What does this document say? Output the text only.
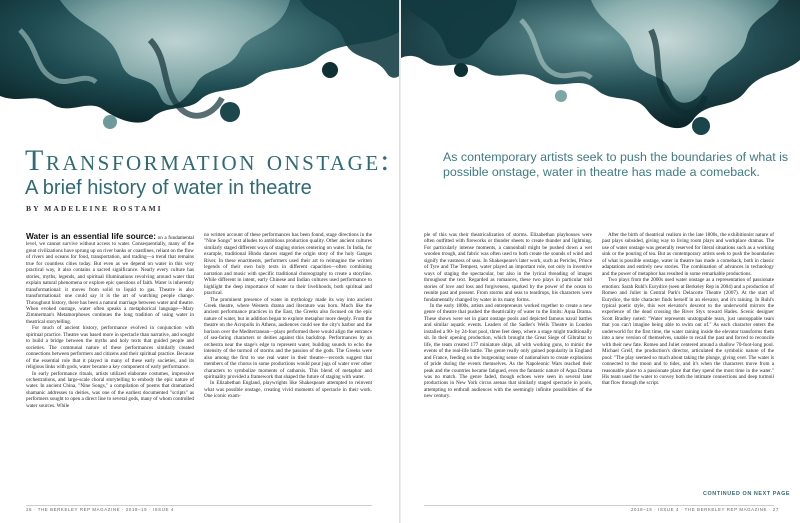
Transformation onstage:
A brief history of water in theatre
BY MADELEINE ROSTAMI

Water is an essential life source: on a fundamental level, we cannot survive without access to water. Consequentially, many of the great civilizations have sprung up on river banks or coastlines, reliant on the flow of rivers and oceans for food, transportation, and trading—a trend that remains true for countless cities today. But even as we depend on water in this very practical way, it also contains a sacred significance. Nearly every culture has stories, myths, legends, and spiritual illuminations revolving around water that explain natural phenomena or explore epic questions of faith. Water is inherently transformational: it moves from solid to liquid to gas. Theatre is also transformational: one could say it is the art of watching people change. Throughout history, there has been a natural marriage between water and theatre. When evoked onstage, water often speaks a metaphorical language—Mary Zimmerman's Metamorphoses continues the long tradition of using water in theatrical storytelling.

For much of ancient history, performance evolved in conjunction with spiritual practice. Theatre was based more in spectacle than narrative, and sought to build a bridge between the myths and holy texts that guided people and societies. The communal nature of these performances similarly created connections between performers and citizens and their spiritual practice. Because of the essential role that it played in many of these early societies, and its religious links with gods, water became a key component of early performance.

In early performance rituals, artists utilized elaborate costumes, impressive orchestrations, and large-scale choral storytelling to embody the epic nature of water. In ancient China, "Nine Songs," a compilation of poems that dramatized shamanic addresses to deities, was one of the earliest documented "scripts" as performers sought to open a direct line to several gods, many of whom controlled water sources. While

no written account of these performances has been found, stage directions in the "Nine Songs" text alludes to ambitious production quality. Other ancient cultures similarly staged different ways of staging stories centering on water. In India, for example, traditional Hindu dances staged the origin story of the holy Ganges River. In these enactments, performers used their art to reimagine the written legends of their own holy texts in different capacities—often combining narration and music with specific traditional choreography to create a storyline. While different in intent, early Chinese and Indian cultures used performance to highlight the deep importance of water to their livelihoods, both spiritual and practical.

The prominent presence of water in mythology made its way into ancient Greek theatre, where Western drama and literature was born. Much like the ancient performance practices in the East, the Greeks also focused on the epic nature of water, but in addition began to explore metaphor more deeply. From the theatre on the Acropolis in Athens, audiences could see the city's harbor and the horizon over the Mediterranean—plays performed there would align the entrance of sea-faring characters or deities against this backdrop. Performances by an orchestra near the stage's edge to represent water, building sounds to echo the intensity of the turmoil of storms and the passion of the gods. The Greeks were also among the first to use real water in their theatre—records suggest that members of the chorus in some productions would pour jugs of water over other characters to symbolize moments of catharsis. This blend of metaphor and spirituality provided a framework that shaped the future of staging with water.

In Elizabethan England, playwrights like Shakespeare attempted to reinvent what was possible onstage, creating vivid moments of spectacle in their work. One iconic exam-

26 · THE BERKELEY REP MAGAZINE · 2018–19 · ISSUE 4
As contemporary artists seek to push the boundaries of what is possible onstage, water in theatre has made a comeback.

ple of this was their theatricalization of storms. Elizabethan playhouses were often outfitted with fireworks or thunder sheets to create thunder and lightning. For particularly intense moments, a cannonball might be pushed down a wet wooden trough, and fabric was often used to both create the sounds of wind and signify the vastness of seas. In Shakespeare's later work, such as Pericles, Prince of Tyre and The Tempest, water played an important role, not only in inventive ways of staging the spectacular, but also in the lyrical threading of images throughout the text. Regarded as romances, these two plays in particular told stories of love and loss and forgiveness, sparked by the power of the ocean to reunite past and present. From storms and seas to teardrops, his characters were fundamentally changed by water in its many forms.

In the early 1800s, artists and entrepreneurs worked together to create a new genre of theatre that pushed the theatricality of water to the limits: Aqua Drama. These shows were set in giant onstage pools and depicted famous naval battles and similar aquatic events. Leaders of the Sadler's Wells Theatre in London installed a 90- by 24-foot pool, three feet deep, where a stage might traditionally sit. In their opening production, which brought the Great Siege of Gibraltar to life, the team created 177 miniature ships, all with working guns, to mimic the events of the real-life battle. The genre really only gained popularity in England and France, feeding on the burgeoning sense of nationalism to create explosions of pride during the events themselves. As the Napoleonic Wars reached their peak and the countries became fatigued, even the fantastic nature of Aqua Drama was no match. The genre faded, though echoes were seen in several later productions in New York circus arenas that similarly staged spectacle in pools, attempting to enthrall audiences with the seemingly infinite possibilities of the new century.

After the birth of theatrical realism in the late 1800s, the exhibitionist nature of past plays subsided, giving way to living room plays and workplace dramas. The use of water onstage was generally reserved for literal situations such as a working sink or the pouring of tea. But as contemporary artists seek to push the boundaries of what is possible onstage, water in theatre has made a comeback, both in classic adaptations and entirely new stories. The combination of advances in technology and the power of metaphor has resulted in some remarkable productions.

Two plays from the 2000s used water onstage as a representation of passionate emotion: Sarah Ruhl's Eurydice (seen at Berkeley Rep in 2004) and a production of Romeo and Juliet in Central Park's Delacorte Theatre (2007). At the start of Eurydice, the title character finds herself in an elevator, and it's raining. In Ruhl's typical poetic style, this wet elevator's descent to the underworld mirrors the experience of the dead crossing the River Styx toward Hades. Scenic designer Scott Bradley noted: "Water represents unstoppable tears, just unstoppable tears that you can't imagine being able to swim out of." As each character enters the underworld for the first time, the water raining inside the elevator transforms them into a new version of themselves, unable to recall the past and forced to reconcile with their new fate. Romeo and Juliet centered around a shallow 70-foot-long pool. Michael Greif, the production's director, articulated the symbolic nature of the pool: "The play seemed so much about taking the plunge, giving over. The water is connected to the moon and to tides, and it's when the characters move from a reasonable place to a passionate place that they spend the most time in the water." His team used the water to convey both the intimate connections and deep turmoil that flow through the script.

CONTINUED ON NEXT PAGE
2018–19 · ISSUE 4 · THE BERKELEY REP MAGAZINE · 27
